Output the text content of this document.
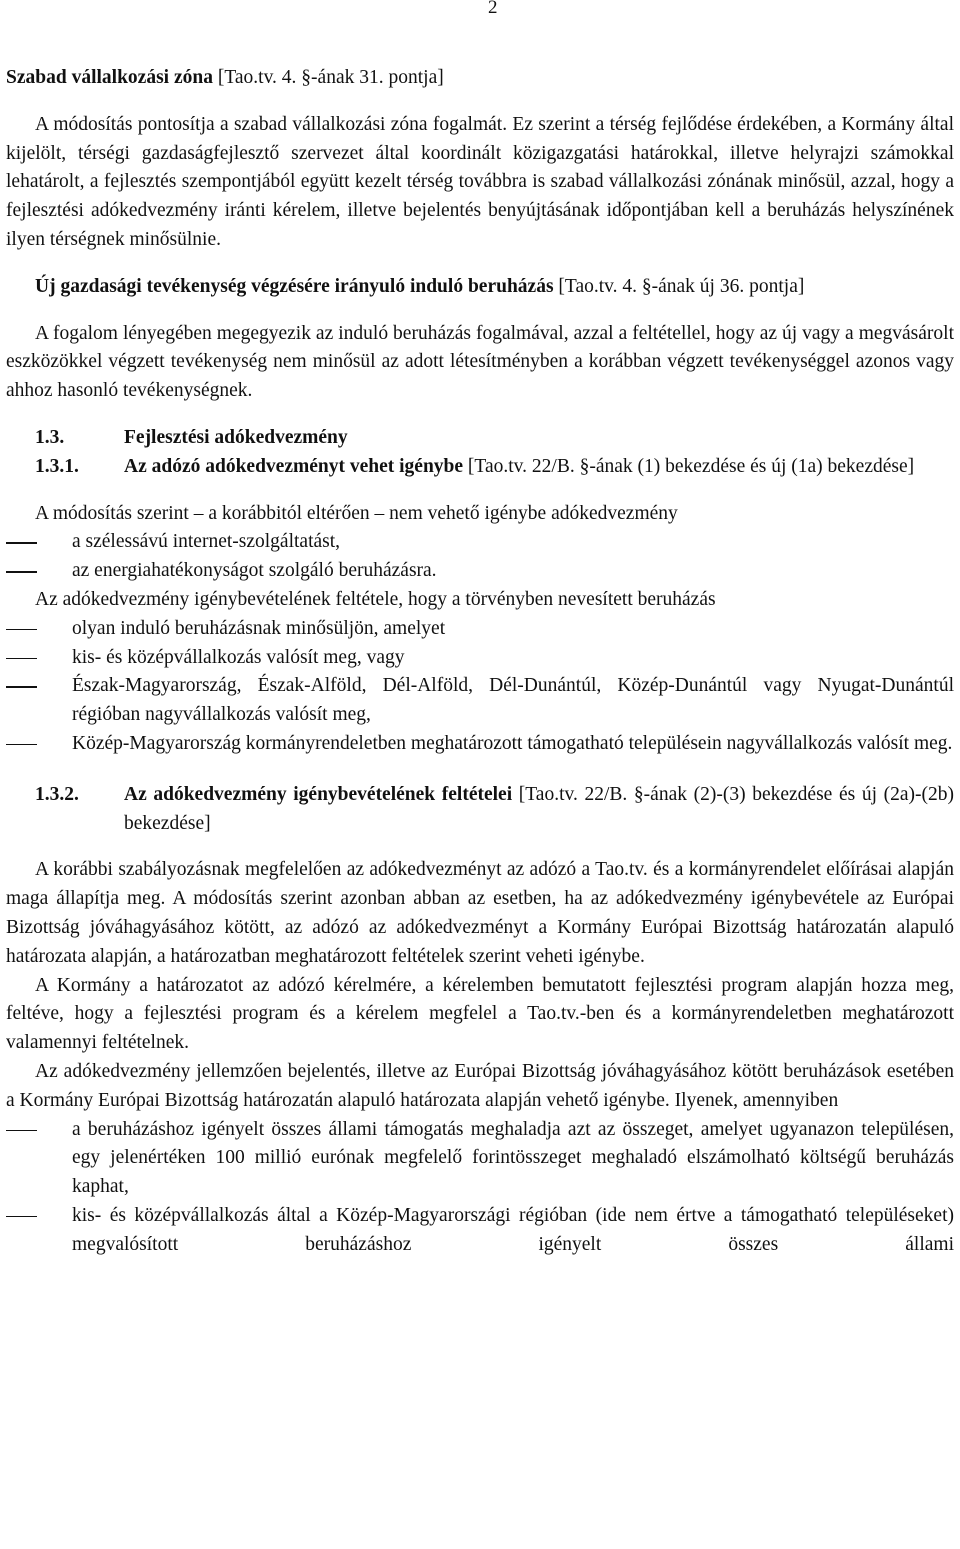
2

Szabad vállalkozási zóna [Tao.tv. 4. §-ának 31. pontja]

A módosítás pontosítja a szabad vállalkozási zóna fogalmát. Ez szerint a térség fejlődése érdekében, a Kormány által kijelölt, térségi gazdaságfejlesztő szervezet által koordinált közigazgatási határokkal, illetve helyrajzi számokkal lehatárolt, a fejlesztés szempontjából együtt kezelt térség továbbra is szabad vállalkozási zónának minősül, azzal, hogy a fejlesztési adókedvezmény iránti kérelem, illetve bejelentés benyújtásának időpontjában kell a beruházás helyszínének ilyen térségnek minősülnie.

Új gazdasági tevékenység végzésére irányuló induló beruházás [Tao.tv. 4. §-ának új 36. pontja]

A fogalom lényegében megegyezik az induló beruházás fogalmával, azzal a feltétellel, hogy az új vagy a megvásárolt eszközökkel végzett tevékenység nem minősül az adott létesítményben a korábban végzett tevékenységgel azonos vagy ahhoz hasonló tevékenységnek.

1.3.	Fejlesztési adókedvezmény

1.3.1. Az adózó adókedvezményt vehet igénybe [Tao.tv. 22/B. §-ának (1) bekezdése és új (1a) bekezdése]

A módosítás szerint – a korábbitól eltérően – nem vehető igénybe adókedvezmény

a szélessávú internet-szolgáltatást,

az energiahatékonyságot szolgáló beruházásra.

Az adókedvezmény igénybevételének feltétele, hogy a törvényben nevesített beruházás

olyan induló beruházásnak minősüljön, amelyet

kis- és középvállalkozás valósít meg, vagy

Észak-Magyarország, Észak-Alföld, Dél-Alföld, Dél-Dunántúl, Közép-Dunántúl vagy Nyugat-Dunántúl régióban nagyvállalkozás valósít meg,

Közép-Magyarország kormányrendeletben meghatározott támogatható településein nagyvállalkozás valósít meg.

1.3.2. Az adókedvezmény igénybevételének feltételei [Tao.tv. 22/B. §-ának (2)-(3) bekezdése és új (2a)-(2b) bekezdése]

A korábbi szabályozásnak megfelelően az adókedvezményt az adózó a Tao.tv. és a kormányrendelet előírásai alapján maga állapítja meg. A módosítás szerint azonban abban az esetben, ha az adókedvezmény igénybevétele az Európai Bizottság jóváhagyásához kötött, az adózó az adókedvezményt a Kormány Európai Bizottság határozatán alapuló határozata alapján, a határozatban meghatározott feltételek szerint veheti igénybe.

A Kormány a határozatot az adózó kérelmére, a kérelemben bemutatott fejlesztési program alapján hozza meg, feltéve, hogy a fejlesztési program és a kérelem megfelel a Tao.tv.-ben és a kormányrendeletben meghatározott valamennyi feltételnek.

Az adókedvezmény jellemzően bejelentés, illetve az Európai Bizottság jóváhagyásához kötött beruházások esetében a Kormány Európai Bizottság határozatán alapuló határozata alapján vehető igénybe. Ilyenek, amennyiben

a beruházáshoz igényelt összes állami támogatás meghaladja azt az összeget, amelyet ugyanazon településen, egy jelenértéken 100 millió eurónak megfelelő forintösszeget meghaladó elszámolható költségű beruházás kaphat,

kis- és középvállalkozás által a Közép-Magyarországi régióban (ide nem értve a támogatható településeket) megvalósított beruházáshoz igényelt összes állami
